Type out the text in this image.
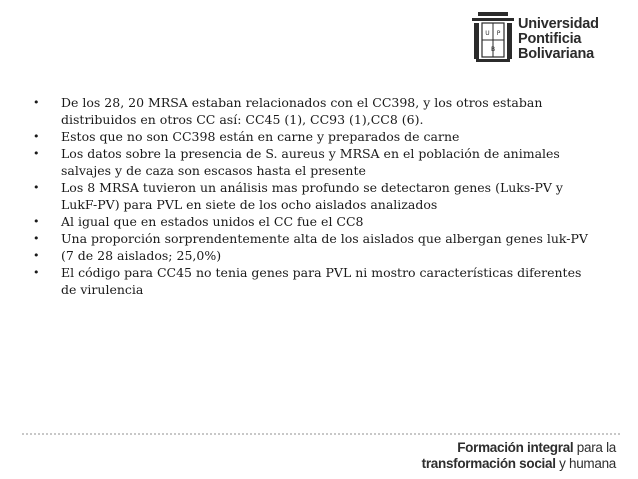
U P
B
Universidad
Pontificia
Bolivariana
• De los 28, 20 MRSA estaban relacionados con el CC398, y los otros estaban distribuidos en otros CC así: CC45 (1), CC93 (1),CC8 (6).
• Estos que no son CC398 están en carne y preparados de carne
• Los datos sobre la presencia de S. aureus y MRSA en el población de animales salvajes y de caza son escasos hasta el presente
• Los 8 MRSA tuvieron un análisis mas profundo se detectaron genes (Luks-PV y LukF-PV) para PVL en siete de los ocho aislados analizados
• Al igual que en estados unidos el CC fue el CC8
• Una proporción sorprendentemente alta de los aislados que albergan genes luk-PV
• (7 de 28 aislados; 25,0%)
• El código para CC45 no tenia genes para PVL ni mostro características diferentes de virulencia
Formación integral para la
transformación social y humana
